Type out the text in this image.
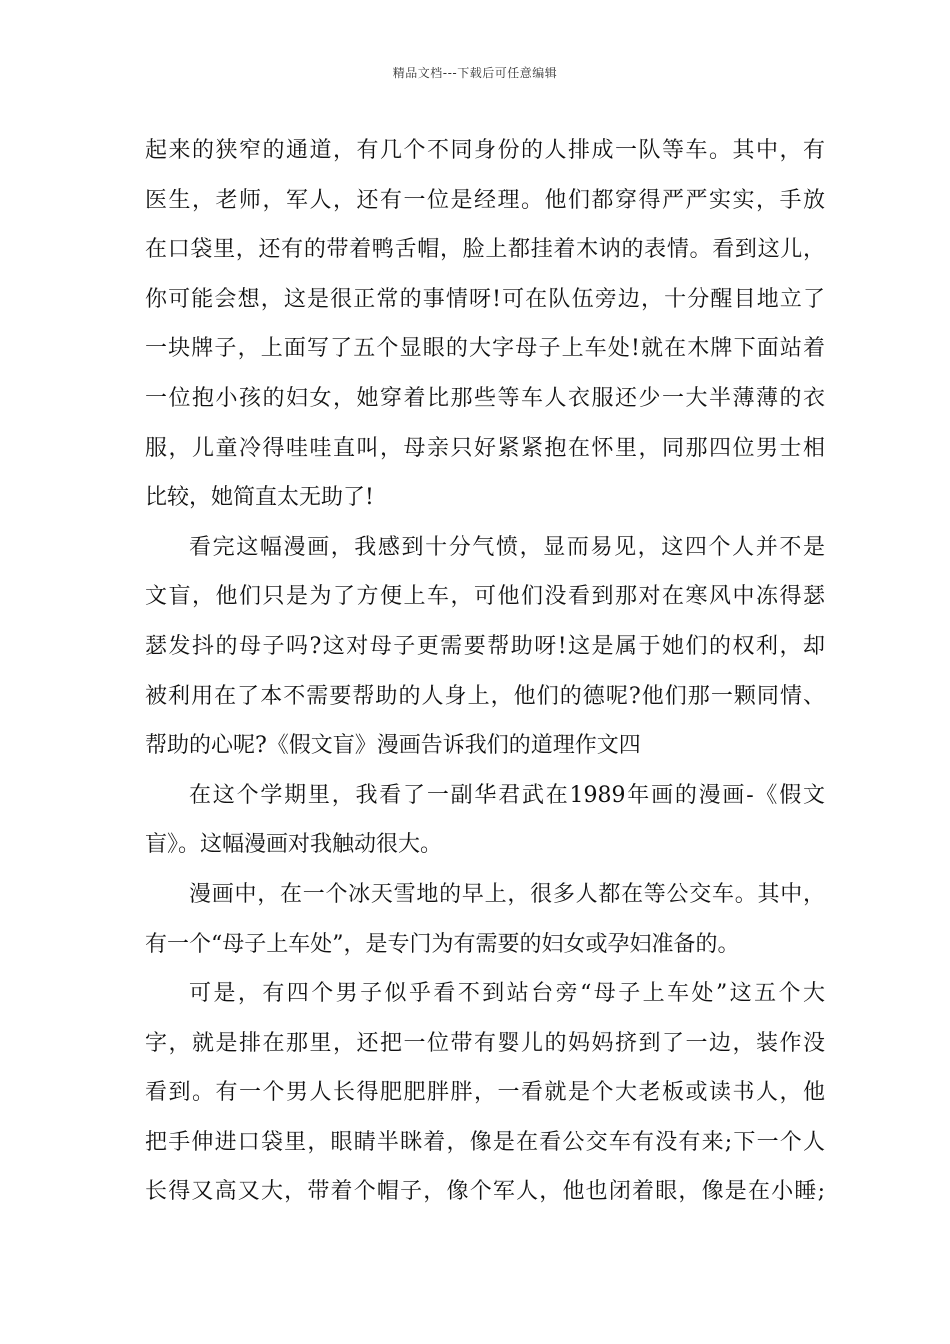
精品文档---下载后可任意编辑
起来的狭窄的通道，有几个不同身份的人排成一队等车。其中，有
医生，老师，军人，还有一位是经理。他们都穿得严严实实，手放
在口袋里，还有的带着鸭舌帽，脸上都挂着木讷的表情。看到这儿，
你可能会想，这是很正常的事情呀!可在队伍旁边，十分醒目地立了
一块牌子，上面写了五个显眼的大字母子上车处!就在木牌下面站着
一位抱小孩的妇女，她穿着比那些等车人衣服还少一大半薄薄的衣
服，儿童冷得哇哇直叫，母亲只好紧紧抱在怀里，同那四位男士相
比较，她简直太无助了!
看完这幅漫画，我感到十分气愤，显而易见，这四个人并不是
文盲，他们只是为了方便上车，可他们没看到那对在寒风中冻得瑟
瑟发抖的母子吗?这对母子更需要帮助呀!这是属于她们的权利，却
被利用在了本不需要帮助的人身上，他们的德呢?他们那一颗同情、
帮助的心呢?《假文盲》漫画告诉我们的道理作文四
在这个学期里，我看了一副华君武在1989年画的漫画-《假文
盲》。这幅漫画对我触动很大。
漫画中，在一个冰天雪地的早上，很多人都在等公交车。其中，
有一个“母子上车处”，是专门为有需要的妇女或孕妇准备的。
可是，有四个男子似乎看不到站台旁“母子上车处”这五个大
字，就是排在那里，还把一位带有婴儿的妈妈挤到了一边，装作没
看到。有一个男人长得肥肥胖胖，一看就是个大老板或读书人，他
把手伸进口袋里，眼睛半眯着，像是在看公交车有没有来;下一个人
长得又高又大，带着个帽子，像个军人，他也闭着眼，像是在小睡;
